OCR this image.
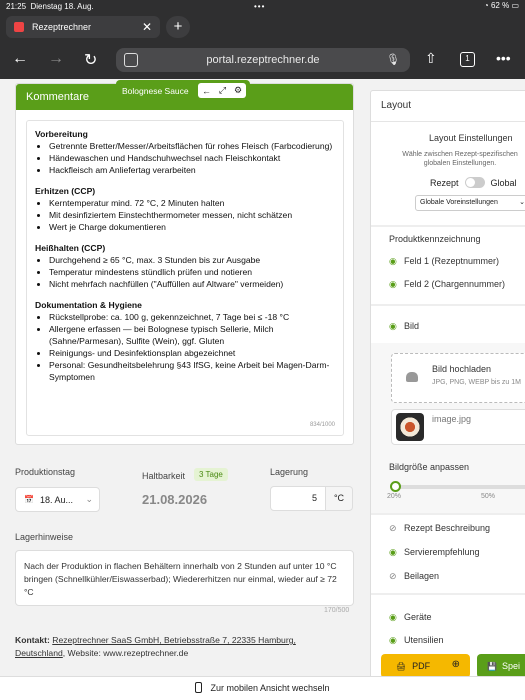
21:25
Dienstag 18. Aug.	•••	◔ 62 % ▭
Rezeptrechner	✕	+
← → ↻	portal.rezeptrechner.de	🎙 ⇧	1	•••
Kommentare
Vorbereitung
• Getrennte Bretter/Messer/Arbeitsflächen für rohes Fleisch (Farbcodierung)
• Händewaschen und Handschuhwechsel nach Fleischkontakt
• Hackfleisch am Anliefertag verarbeiten
Erhitzen (CCP)
• Kerntemperatur mind. 72 °C, 2 Minuten halten
• Mit desinfiziertem Einstechthermometer messen, nicht schätzen
• Wert je Charge dokumentieren
Heißhalten (CCP)
• Durchgehend ≥ 65 °C, max. 3 Stunden bis zur Ausgabe
• Temperatur mindestens stündlich prüfen und notieren
• Nicht mehrfach nachfüllen ("Auffüllen auf Altware" vermeiden)
Dokumentation & Hygiene
• Rückstellprobe: ca. 100 g, gekennzeichnet, 7 Tage bei ≤ -18 °C
• Allergene erfassen — bei Bolognese typisch Sellerie, Milch (Sahne/Parmesan), Sulfite (Wein), ggf. Gluten
• Reinigungs- und Desinfektionsplan abgezeichnet
• Personal: Gesundheitsbelehrung §43 IfSG, keine Arbeit bei Magen-Darm-Symptomen
834/1000
Bolognese Sauce ← ⤢ ⚙
Produktionstag
📅 18. Au... ⌄
Haltbarkeit	3 Tage
21.08.2026
Lagerung
5	°C
Lagerhinweise
Nach der Produktion in flachen Behältern innerhalb von 2 Stunden auf unter 10 °C bringen (Schnellkühler/Eiswasserbad); Wiedererhitzen nur einmal, wieder auf ≥ 72 °C
170/500
Kontakt: Rezeptrechner SaaS GmbH, Betriebsstraße 7, 22335 Hamburg, Deutschland, Website: www.rezeptrechner.de
Layout
Layout Einstellungen
Wähle zwischen Rezept-spezifischen globalen Einstellungen.
Rezept	Global
Globale Voreinstellungen	⌄
Produktkennzeichnung
◉ Feld 1 (Rezeptnummer)
◉ Feld 2 (Chargennummer)
◉ Bild
Bild hochladen
JPG, PNG, WEBP bis zu 1M
image.jpg
Bildgröße anpassen
20%	50%
⊘ Rezept Beschreibung
◉ Servierempfehlung
⊘ Beilagen
◉ Geräte
◉ Utensilien
🖨 PDF ⊕	💾 Spei
Zur mobilen Ansicht wechseln
